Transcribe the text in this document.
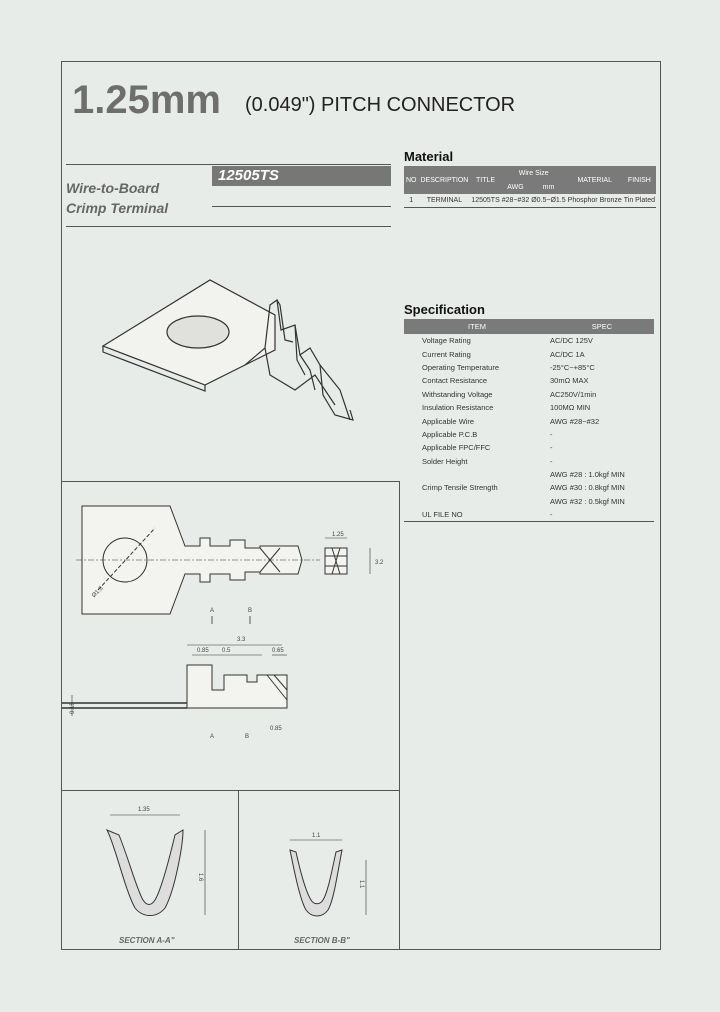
1.25mm (0.049") PITCH CONNECTOR
Wire-to-Board
Crimp Terminal
12505TS
Material
NO	DESCRIPTION	TITLE	Wire Size		MATERIAL	FINISH
			AWG	mm		
1	TERMINAL	12505TS	#28~#32	Ø0.5~Ø1.5	Phosphor Bronze	Tin Plated
Specification
ITEM	SPEC
Voltage Rating	AC/DC 125V
Current Rating	AC/DC 1A
Operating Temperature	-25°C~+85°C
Contact Resistance	30mΩ MAX
Withstanding Voltage	AC250V/1min
Insulation Resistance	100MΩ MIN
Applicable Wire	AWG #28~#32
Applicable P.C.B	-
Applicable FPC/FFC	-
Solder Height	-
	AWG #28 : 1.0kgf MIN
Crimp Tensile Strength	AWG #30 : 0.8kgf MIN
	AWG #32 : 0.5kgf MIN
UL FILE NO	-
Ø1.3
1.25
3.2
A	B
3.3
0.85 0.5	0.65
0.15
0.85
A	B
1.35
1.6
SECTION A-A"
1.1
1.1
SECTION B-B"
